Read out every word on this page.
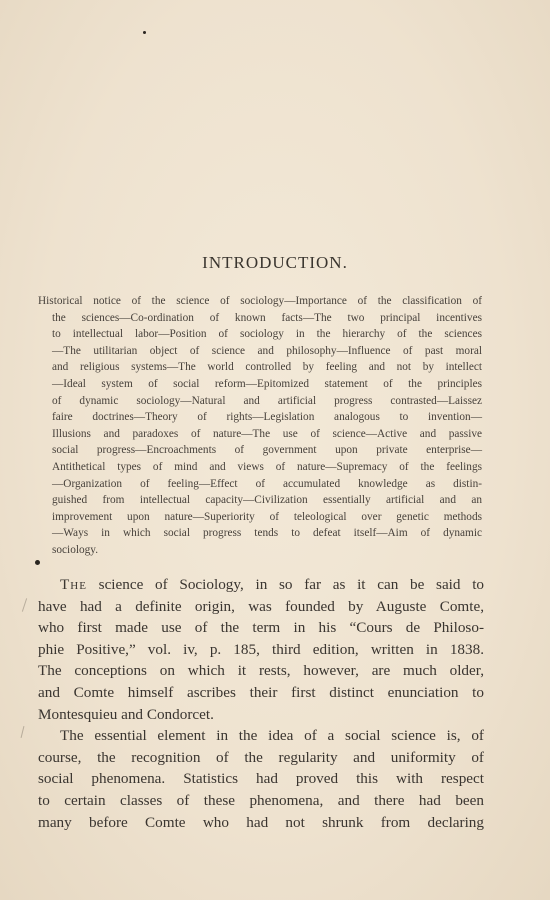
INTRODUCTION.
Historical notice of the science of sociology—Importance of the classification of
the sciences—Co-ordination of known facts—The two principal incentives
to intellectual labor—Position of sociology in the hierarchy of the sciences
—The utilitarian object of science and philosophy—Influence of past moral
and religious systems—The world controlled by feeling and not by intellect
—Ideal system of social reform—Epitomized statement of the principles
of dynamic sociology—Natural and artificial progress contrasted—Laissez
faire doctrines—Theory of rights—Legislation analogous to invention—
Illusions and paradoxes of nature—The use of science—Active and passive
social progress—Encroachments of government upon private enterprise—
Antithetical types of mind and views of nature—Supremacy of the feelings
—Organization of feeling—Effect of accumulated knowledge as distin-
guished from intellectual capacity—Civilization essentially artificial and an
improvement upon nature—Superiority of teleological over genetic methods
—Ways in which social progress tends to defeat itself—Aim of dynamic
sociology.
The science of Sociology, in so far as it can be said to
have had a definite origin, was founded by Auguste Comte,
who first made use of the term in his “Cours de Philoso-
phie Positive,” vol. iv, p. 185, third edition, written in 1838.
The conceptions on which it rests, however, are much older,
and Comte himself ascribes their first distinct enunciation to
Montesquieu and Condorcet.
The essential element in the idea of a social science is, of
course, the recognition of the regularity and uniformity of
social phenomena. Statistics had proved this with respect
to certain classes of these phenomena, and there had been
many before Comte who had not shrunk from declaring
